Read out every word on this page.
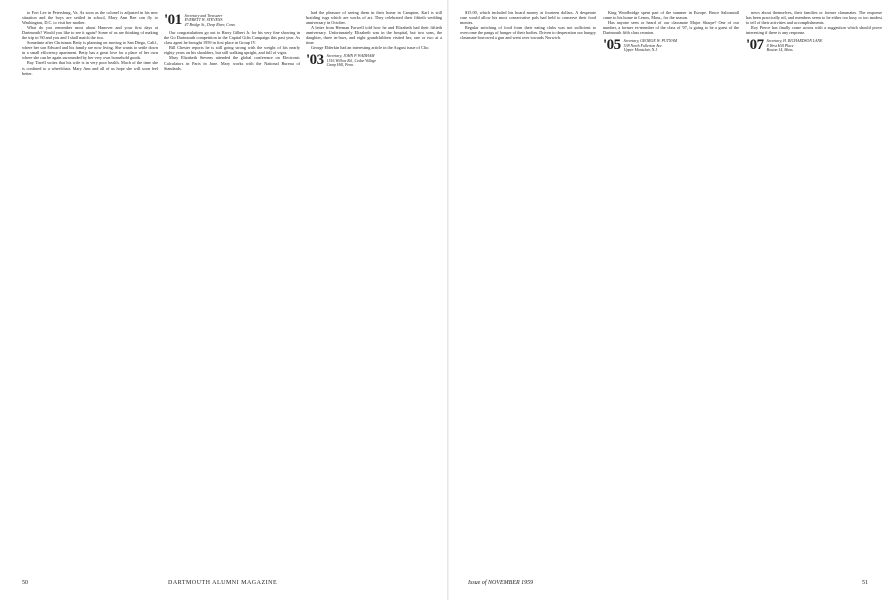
to Fort Lee in Petersburg, Va. As soon as the colonel is adjusted in his new situation and the boys are settled in school, Mary Ann Bee can fly to Washington, D.C. to visit her mother.

What do you remember most about Hanover and your first days at Dartmouth? Would you like to see it again? Some of us are thinking of making the trip in '60 and you and I shall match the two.

Sometime after Christmas Betty is planning on moving to San Diego, Calif., where her son Edward and his family are now living. She wants to settle down in a small efficiency apartment. Betty has a great love for a place of her own where she can be again surrounded by her very own household goods.

Ray Tirrell writes that his wife is in very poor health. Much of the time she is confined to a wheelchair. Mary Ann and all of us hope she will soon feel better.

'01 Secretary and Treasurer
EVERETT W. STEVENS
47 Bridge St., Deep River, Conn.

Our congratulations go out to Harry Gilbert Jr. for his very fine showing in the Go Dartmouth competition in the Capital Gifts Campaign this past year. As class agent he brought 1959 in first place in Group IV.

Bill Chester reports he is still going strong with the weight of his nearly eighty years on his shoulders, but still walking upright, and full of vigor.

Mary Elizabeth Stevens attended the global conference on Electronic Calculators in Paris in June. Mary works with the National Bureau of Standards.

had the pleasure of seeing them in their home in Campton. Karl is still braiding rugs which are works of art. They celebrated their fiftieth wedding anniversary in October.

A letter from Herman Farwell told how he and Elizabeth had their fiftieth anniversary. Unfortunately Elizabeth was in the hospital, but two sons, the daughter, three in-laws, and eight grandchildren visited her, one or two at a time.

George Elderkin had an interesting article in the August issue of Clio.

'03 Secretary, JOHN P. WADHAM
1516 Willow Rd., Cedar Village
Camp Hill, Penn.
50	DARTMOUTH ALUMNI MAGAZINE

$15.00, which included his board money at fourteen dollars. A desperate case would allow his most conservative pals had held to conserve their food monies.

Regular snitching of food from their eating clubs was not sufficient to overcome the pangs of hunger of their bodies. Driven to desperation our hungry classmate borrowed a gun and went over towards Norwich.

King Woodbridge spent part of the summer in Europe. Bruce Saltonstall came to his home in Lenox, Mass., for the season.

Has anyone seen or heard of our classmate Major Sharpe? One of our number, a former ex-member of the class of '07, is going to be a guest of the Dartmouth fifth class reunion.

'05 Secretary, GEORGE W. PUTNAM
538 North Fullerton Ave.
Upper Montclair, N.J.

news about themselves, their families or former classmates. The response has been practically nil, and members seem to be either too busy or too modest to tell of their activities and accomplishments.

Roy Pierce has finally come across with a suggestion which should prove interesting if there is any response.

'07 Secretary, H. RICHARDSON LANE
8 West Hill Place
Boston 14, Mass.
Issue of NOVEMBER 1959	51
